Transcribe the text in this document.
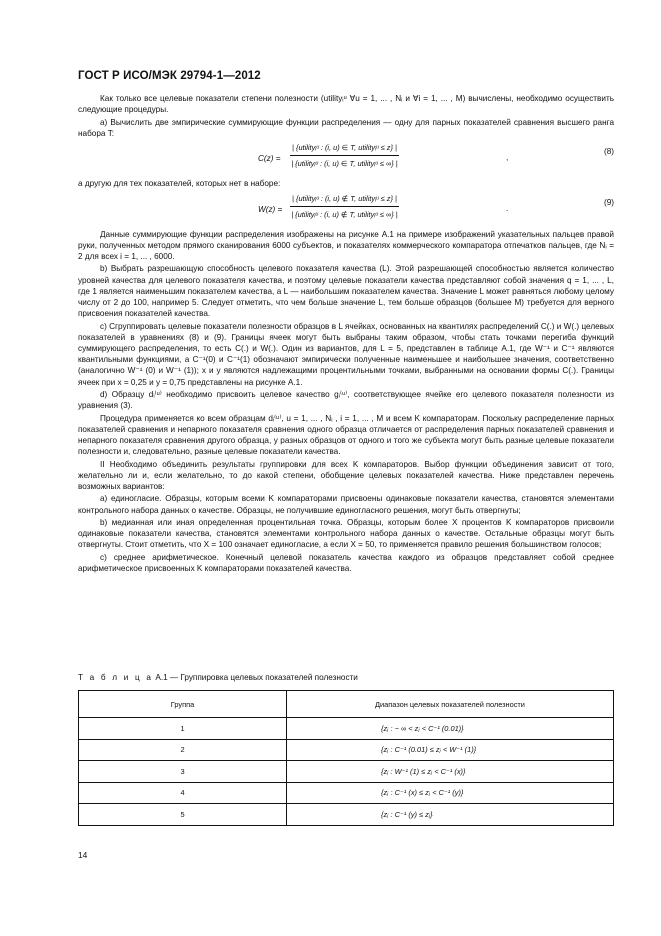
ГОСТ Р ИСО/МЭК 29794-1—2012

Как только все целевые показатели степени полезности (utilityᵢᵘ ∀u = 1, ... , Nᵢ и ∀i = 1, ... , M) вычислены, необходимо осуществить следующие процедуры.

a) Вычислить две эмпирические суммирующие функции распределения — одну для парных показателей сравнения высшего ранга набора T:

$C(z) = \frac{\text{| \{utilityᵢᵘ : (i, u) ∈ T, utilityᵢᵘ ≤ z\} |}}{\text{| \{utilityᵢᵘ : (i, u) ∈ T, utilityᵢᵘ ≤ ∞\} |}}$	,
(8)

а другую для тех показателей, которых нет в наборе:

$W(z) = \frac{\text{| \{utilityᵢᵘ : (i, u) ∉ T, utilityᵢᵘ ≤ z\} |}}{\text{| \{utilityᵢᵘ : (i, u) ∉ T, utilityᵢᵘ ≤ ∞\} |}}$	.
(9)

Данные суммирующие функции распределения изображены на рисунке А.1 на примере изображений указательных пальцев правой руки, полученных методом прямого сканирования 6000 субъектов, и показателях коммерческого компаратора отпечатков пальцев, где Nᵢ = 2 для всех i = 1, ... , 6000.

b) Выбрать разрешающую способность целевого показателя качества (L). Этой разрешающей способностью является количество уровней качества для целевого показателя качества, и поэтому целевые показатели качества представляют собой значения q = 1, ... , L, где 1 является наименьшим показателем качества, а L — наибольшим показателем качества. Значение L может равняться любому целому числу от 2 до 100, например 5. Следует отметить, что чем больше значение L, тем больше образцов (большее M) требуется для верного присвоения показателей качества.

c) Сгруппировать целевые показатели полезности образцов в L ячейках, основанных на квантилях распределений C(.) и W(.) целевых показателей в уравнениях (8) и (9). Границы ячеек могут быть выбраны таким образом, чтобы стать точками перегиба функций суммирующего распределения, то есть C(.) и W(.). Один из вариантов, для L = 5, представлен в таблице А.1, где W⁻¹ и C⁻¹ являются квантильными функциями, а C⁻¹(0) и C⁻¹(1) обозначают эмпирически полученные наименьшее и наибольшее значения, соответственно (аналогично W⁻¹ (0) и W⁻¹ (1)); x и y являются надлежащими процентильными точками, выбранными на основании формы C(.). Границы ячеек при x = 0,25 и y = 0,75 представлены на рисунке А.1.

d) Образцу dᵢ⁽ᵘ⁾ необходимо присвоить целевое качество gᵢ⁽ᵘ⁾, соответствующее ячейке его целевого показателя полезности из уравнения (3).

Процедура применяется ко всем образцам dᵢ⁽ᵘ⁾, u = 1, ... , Nᵢ , i = 1, ... , M и всем K компараторам. Поскольку распределение парных показателей сравнения и непарного показателя сравнения одного образца отличается от распределения парных показателей сравнения и непарного показателя сравнения другого образца, у разных образцов от одного и того же субъекта могут быть разные целевые показатели полезности и, следовательно, разные целевые показатели качества.

II Необходимо объединить результаты группировки для всех K компараторов. Выбор функции объединения зависит от того, желательно ли и, если желательно, то до какой степени, обобщение целевых показателей качества. Ниже представлен перечень возможных вариантов:

a) единогласие. Образцы, которым всеми K компараторами присвоены одинаковые показатели качества, становятся элементами контрольного набора данных о качестве. Образцы, не получившие единогласного решения, могут быть отвергнуты;

b) медианная или иная определенная процентильная точка. Образцы, которым более X процентов K компараторов присвоили одинаковые показатели качества, становятся элементами контрольного набора данных о качестве. Остальные образцы могут быть отвергнуты. Стоит отметить, что X = 100 означает единогласие, а если X = 50, то применяется правило решения большинством голосов;

c) среднее арифметическое. Конечный целевой показатель качества каждого из образцов представляет собой среднее арифметическое присвоенных K компараторами показателей качества.

Т а б л и ц а А.1 — Группировка целевых показателей полезности
Группа	Диапазон целевых показателей полезности
1	{zⱼ : − ∞ < zⱼ < C⁻¹ (0.01)}
2	{zⱼ : C⁻¹ (0.01) ≤ zⱼ < W⁻¹ (1)}
3	{zⱼ : W⁻¹ (1) ≤ zⱼ < C⁻¹ (x)}
4	{zⱼ : C⁻¹ (x) ≤ zⱼ < C⁻¹ (y)}
5	{zⱼ : C⁻¹ (y) ≤ zⱼ}
14
